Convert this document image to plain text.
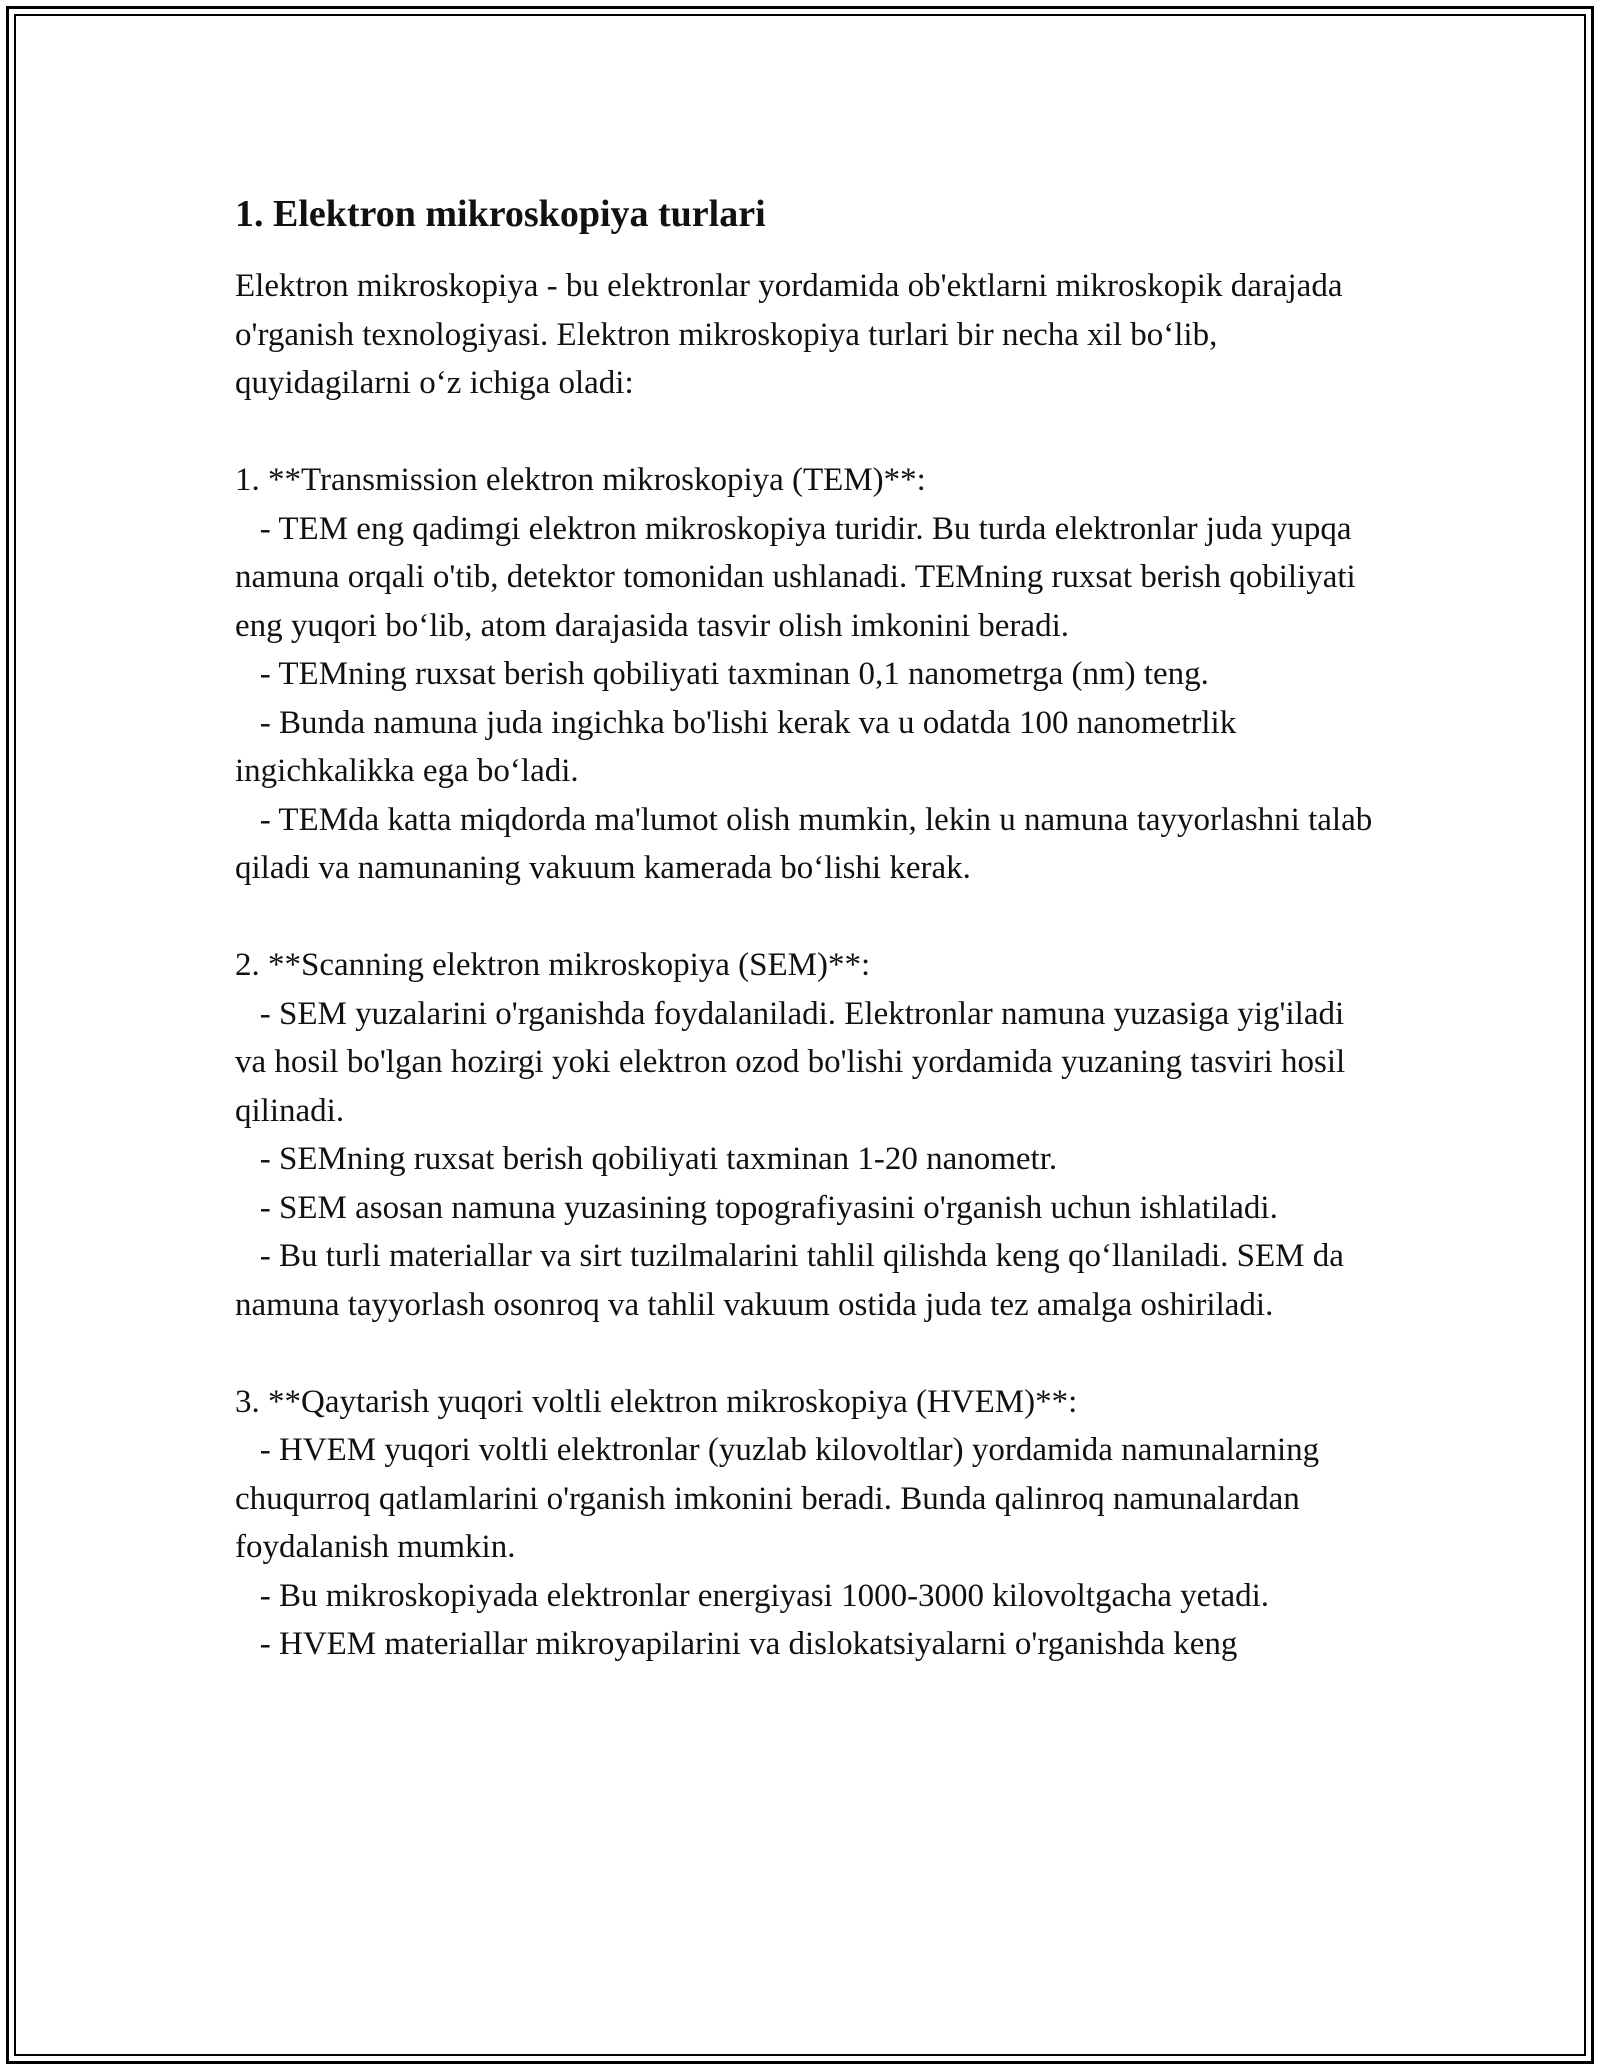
1. Elektron mikroskopiya turlari

Elektron mikroskopiya - bu elektronlar yordamida ob'ektlarni mikroskopik darajada o'rganish texnologiyasi. Elektron mikroskopiya turlari bir necha xil bo‘lib, quyidagilarni o‘z ichiga oladi:

1. **Transmission elektron mikroskopiya (TEM)**:

- TEM eng qadimgi elektron mikroskopiya turidir. Bu turda elektronlar juda yupqa namuna orqali o'tib, detektor tomonidan ushlanadi. TEMning ruxsat berish qobiliyati eng yuqori bo‘lib, atom darajasida tasvir olish imkonini beradi.

- TEMning ruxsat berish qobiliyati taxminan 0,1 nanometrga (nm) teng.

- Bunda namuna juda ingichka bo'lishi kerak va u odatda 100 nanometrlik ingichkalikka ega bo‘ladi.

- TEMda katta miqdorda ma'lumot olish mumkin, lekin u namuna tayyorlashni talab qiladi va namunaning vakuum kamerada bo‘lishi kerak.

2. **Scanning elektron mikroskopiya (SEM)**:

- SEM yuzalarini o'rganishda foydalaniladi. Elektronlar namuna yuzasiga yig'iladi va hosil bo'lgan hozirgi yoki elektron ozod bo'lishi yordamida yuzaning tasviri hosil qilinadi.

- SEMning ruxsat berish qobiliyati taxminan 1-20 nanometr.

- SEM asosan namuna yuzasining topografiyasini o'rganish uchun ishlatiladi.

- Bu turli materiallar va sirt tuzilmalarini tahlil qilishda keng qo‘llaniladi. SEM da namuna tayyorlash osonroq va tahlil vakuum ostida juda tez amalga oshiriladi.

3. **Qaytarish yuqori voltli elektron mikroskopiya (HVEM)**:

- HVEM yuqori voltli elektronlar (yuzlab kilovoltlar) yordamida namunalarning chuqurroq qatlamlarini o'rganish imkonini beradi. Bunda qalinroq namunalardan foydalanish mumkin.

- Bu mikroskopiyada elektronlar energiyasi 1000-3000 kilovoltgacha yetadi.

- HVEM materiallar mikroyapilarini va dislokatsiyalarni o'rganishda keng
